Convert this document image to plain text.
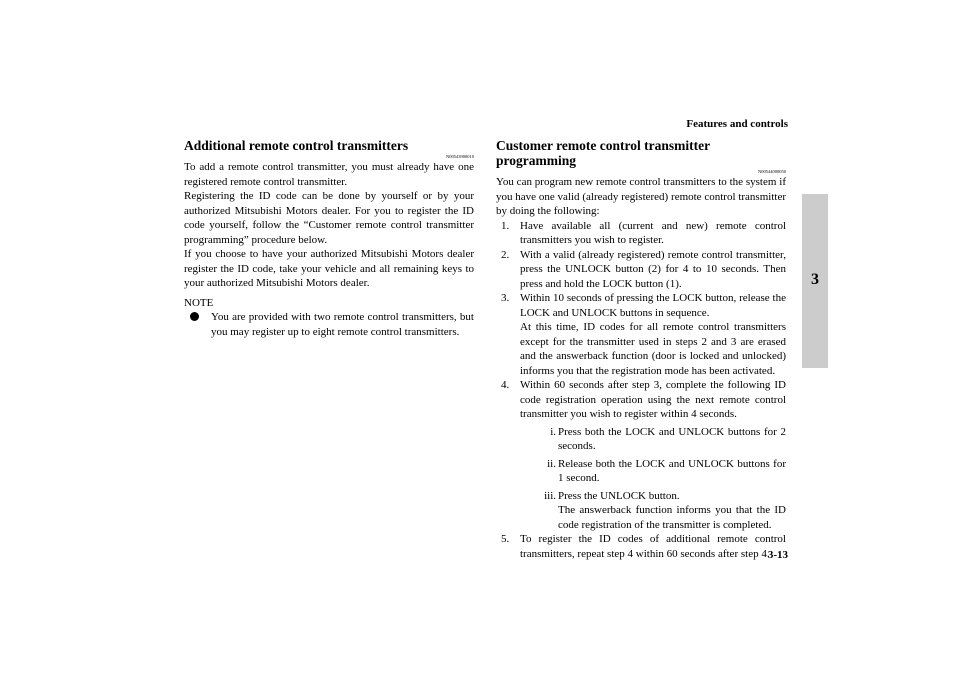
Features and controls
3
Additional remote control transmitters
N00543900010

To add a remote control transmitter, you must already have one registered remote control transmitter.

Registering the ID code can be done by yourself or by your authorized Mitsubishi Motors dealer. For you to register the ID code yourself, follow the “Customer remote control transmitter programming” procedure below.

If you choose to have your authorized Mitsubishi Motors dealer register the ID code, take your vehicle and all remaining keys to your authorized Mitsubishi Motors dealer.

NOTE
You are provided with two remote control transmitters, but you may register up to eight remote control transmitters.
Customer remote control transmitter programming
N00544000050

You can program new remote control transmitters to the system if you have one valid (already registered) remote control transmitter by doing the following:

1. Have available all (current and new) remote control transmitters you wish to register.
2. With a valid (already registered) remote control transmitter, press the UNLOCK button (2) for 4 to 10 seconds. Then press and hold the LOCK button (1).
3. Within 10 seconds of pressing the LOCK button, release the LOCK and UNLOCK buttons in sequence.
At this time, ID codes for all remote control transmitters except for the transmitter used in steps 2 and 3 are erased and the answerback function (door is locked and unlocked) informs you that the registration mode has been activated.
4. Within 60 seconds after step 3, complete the following ID code registration operation using the next remote control transmitter you wish to register within 4 seconds.
i. Press both the LOCK and UNLOCK buttons for 2 seconds.
ii. Release both the LOCK and UNLOCK buttons for 1 second.
iii. Press the UNLOCK button.
The answerback function informs you that the ID code registration of the transmitter is completed.
5. To register the ID codes of additional remote control transmitters, repeat step 4 within 60 seconds after step 4.
3-13
